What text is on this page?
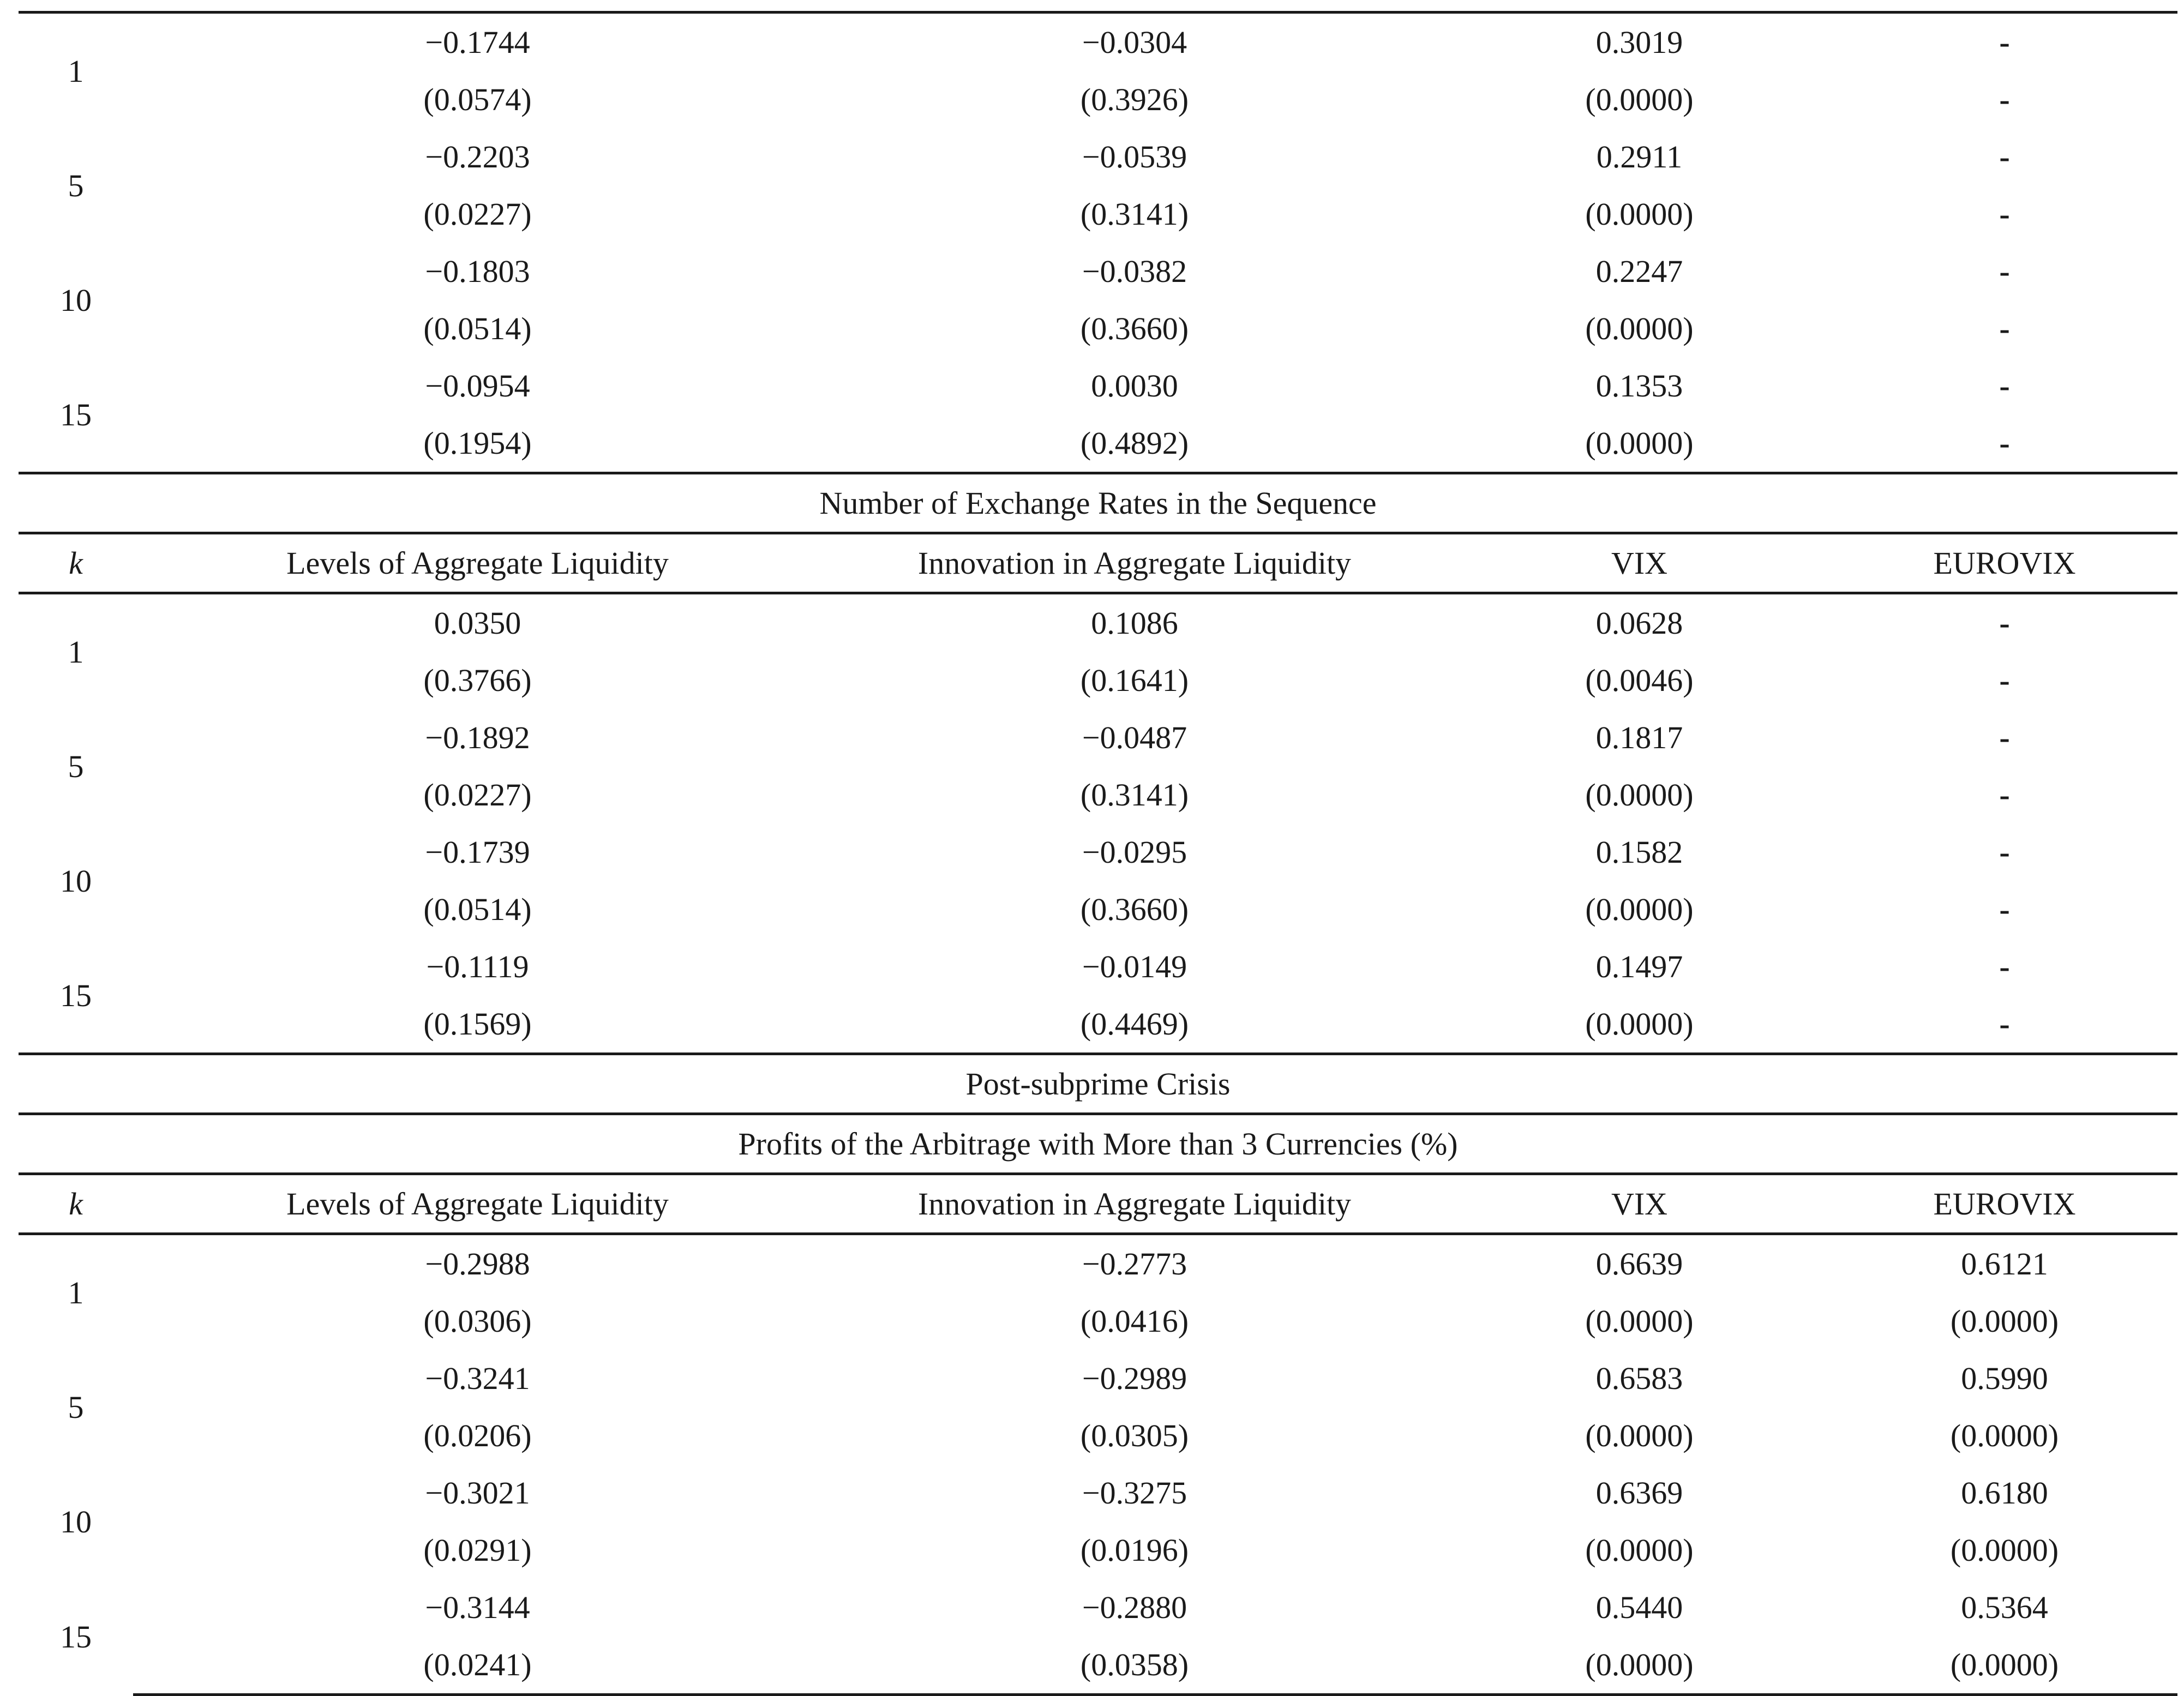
1	−0.1744	−0.0304	0.3019	-
	(0.0574)	(0.3926)	(0.0000)	-
5	−0.2203	−0.0539	0.2911	-
	(0.0227)	(0.3141)	(0.0000)	-
10	−0.1803	−0.0382	0.2247	-
	(0.0514)	(0.3660)	(0.0000)	-
15	−0.0954	0.0030	0.1353	-
	(0.1954)	(0.4892)	(0.0000)	-
Number of Exchange Rates in the Sequence				
k	Levels of Aggregate Liquidity	Innovation in Aggregate Liquidity	VIX	EUROVIX
1	0.0350	0.1086	0.0628	-
	(0.3766)	(0.1641)	(0.0046)	-
5	−0.1892	−0.0487	0.1817	-
	(0.0227)	(0.3141)	(0.0000)	-
10	−0.1739	−0.0295	0.1582	-
	(0.0514)	(0.3660)	(0.0000)	-
15	−0.1119	−0.0149	0.1497	-
	(0.1569)	(0.4469)	(0.0000)	-
Post-subprime Crisis				
Profits of the Arbitrage with More than 3 Currencies (%)				
k	Levels of Aggregate Liquidity	Innovation in Aggregate Liquidity	VIX	EUROVIX
1	−0.2988	−0.2773	0.6639	0.6121
	(0.0306)	(0.0416)	(0.0000)	(0.0000)
5	−0.3241	−0.2989	0.6583	0.5990
	(0.0206)	(0.0305)	(0.0000)	(0.0000)
10	−0.3021	−0.3275	0.6369	0.6180
	(0.0291)	(0.0196)	(0.0000)	(0.0000)
15	−0.3144	−0.2880	0.5440	0.5364
	(0.0241)	(0.0358)	(0.0000)	(0.0000)
